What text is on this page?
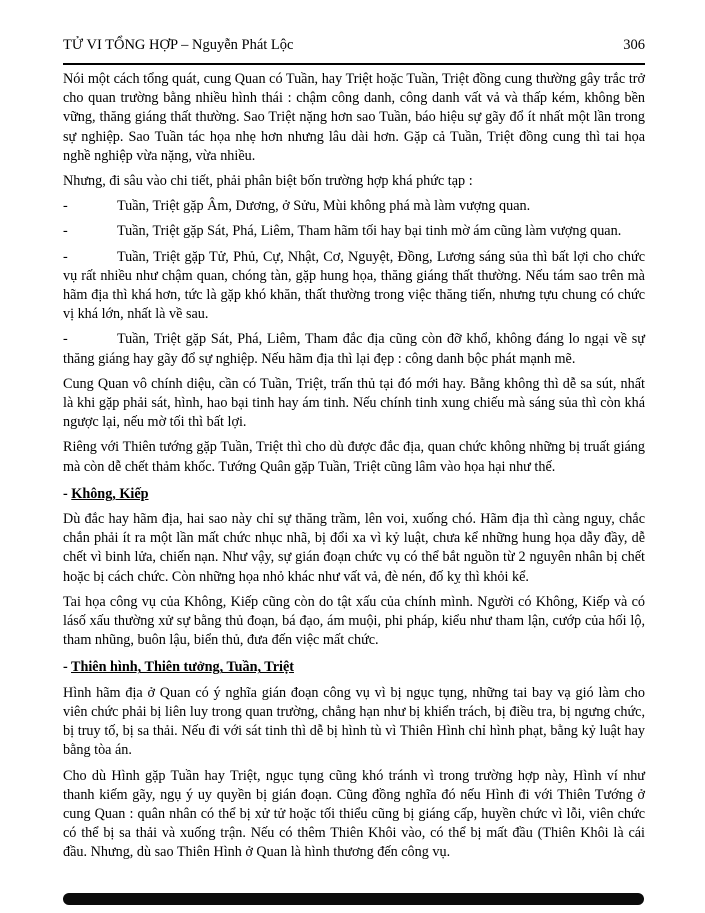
TỬ VI TỔNG HỢP – Nguyễn Phát Lộc	306

Nói một cách tổng quát, cung Quan có Tuần, hay Triệt hoặc Tuần, Triệt đồng cung thường gây trắc trở cho quan trường bằng nhiều hình thái : chậm công danh, công danh vất vả và thấp kém, không bền vững, thăng giáng thất thường. Sao Triệt nặng hơn sao Tuần, báo hiệu sự gãy đổ ít nhất một lần trong sự nghiệp. Sao Tuần tác họa nhẹ hơn nhưng lâu dài hơn. Gặp cả Tuần, Triệt đồng cung thì tai họa nghề nghiệp vừa nặng, vừa nhiều.

Nhưng, đi sâu vào chi tiết, phải phân biệt bốn trường hợp khá phức tạp :

-	Tuần, Triệt gặp Âm, Dương, ở Sửu, Mùi không phá mà làm vượng quan.

-	Tuần, Triệt gặp Sát, Phá, Liêm, Tham hãm tối hay bại tinh mờ ám cũng làm vượng quan.

-	Tuần, Triệt gặp Tử, Phủ, Cự, Nhật, Cơ, Nguyệt, Đồng, Lương sáng sủa thì bất lợi cho chức vụ rất nhiều như chậm quan, chóng tàn, gặp hung họa, thăng giáng thất thường. Nếu tám sao trên mà hãm địa thì khá hơn, tức là gặp khó khăn, thất thường trong việc thăng tiến, nhưng tựu chung có chức vị khá lớn, nhất là về sau.

-	Tuần, Triệt gặp Sát, Phá, Liêm, Tham đắc địa cũng còn đỡ khổ, không đáng lo ngại về sự thăng giáng hay gãy đổ sự nghiệp. Nếu hãm địa thì lại đẹp : công danh bộc phát mạnh mẽ.

Cung Quan vô chính diệu, cần có Tuần, Triệt, trấn thủ tại đó mới hay. Bằng không thì dễ sa sút, nhất là khi gặp phải sát, hình, hao bại tinh hay ám tinh. Nếu chính tinh xung chiếu mà sáng sủa thì còn khá ngược lại, nếu mờ tối thì bất lợi.

Riêng với Thiên tướng gặp Tuần, Triệt thì cho dù được đắc địa, quan chức không những bị truất giáng mà còn dễ chết thảm khốc. Tướng Quân gặp Tuần, Triệt cũng lâm vào họa hại như thế.

- Không, Kiếp

Dù đắc hay hãm địa, hai sao này chỉ sự thăng trầm, lên voi, xuống chó. Hãm địa thì càng nguy, chắc chắn phải ít ra một lần mất chức nhục nhã, bị đổi xa vì kỷ luật, chưa kể những hung họa dẫy đầy, dễ chết vì binh lửa, chiến nạn. Như vậy, sự gián đoạn chức vụ có thể bắt nguồn từ 2 nguyên nhân bị chết hoặc bị cách chức. Còn những họa nhỏ khác như vất vả, đè nén, đố kỵ thì khỏi kể.

Tai họa công vụ của Không, Kiếp cũng còn do tật xấu của chính mình. Người có Không, Kiếp và có lásố xấu thường xử sự bằng thủ đoạn, bá đạo, ám muội, phi pháp, kiểu như tham lận, cướp của hối lộ, tham nhũng, buôn lậu, biển thủ, đưa đến việc mất chức.

- Thiên hình, Thiên tưởng, Tuần, Triệt

Hình hãm địa ở Quan có ý nghĩa gián đoạn công vụ vì bị ngục tụng, những tai bay vạ gió làm cho viên chức phải bị liên luy trong quan trường, chẳng hạn như bị khiển trách, bị điều tra, bị ngưng chức, bị truy tố, bị sa thải. Nếu đi với sát tinh thì dễ bị hình tù vì Thiên Hình chỉ hình phạt, bằng kỷ luật hay bằng tòa án.

Cho dù Hình gặp Tuần hay Triệt, ngục tụng cũng khó tránh vì trong trường hợp này, Hình ví như thanh kiếm gãy, ngụ ý uy quyền bị gián đoạn. Cũng đồng nghĩa đó nếu Hình đi với Thiên Tướng ở cung Quan : quân nhân có thể bị xử tử hoặc tối thiểu cũng bị giáng cấp, huyền chức vì lỗi, viên chức có thể bị sa thải và xuống trận. Nếu có thêm Thiên Khôi vào, có thể bị mất đầu (Thiên Khôi là cái đầu. Nhưng, dù sao Thiên Hình ở Quan là hình thương đến công vụ.
